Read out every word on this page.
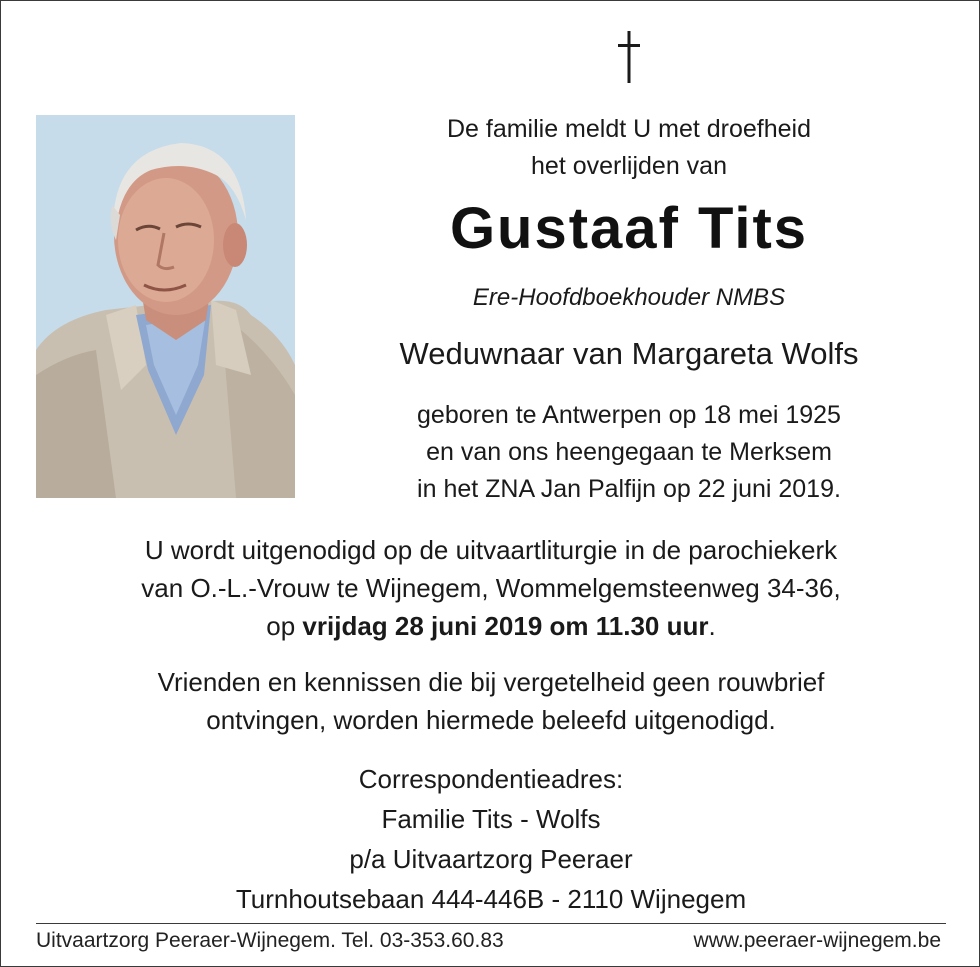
De familie meldt U met droefheid
het overlijden van
Gustaaf Tits
Ere-Hoofdboekhouder NMBS
Weduwnaar van Margareta Wolfs
geboren te Antwerpen op 18 mei 1925
en van ons heengegaan te Merksem
in het ZNA Jan Palfijn op 22 juni 2019.
U wordt uitgenodigd op de uitvaartliturgie in de parochiekerk
van O.-L.-Vrouw te Wijnegem, Wommelgemsteenweg 34-36,
op vrijdag 28 juni 2019 om 11.30 uur.
Vrienden en kennissen die bij vergetelheid geen rouwbrief
ontvingen, worden hiermede beleefd uitgenodigd.
Correspondentieadres:
Familie Tits - Wolfs
p/a Uitvaartzorg Peeraer
Turnhoutsebaan 444-446B - 2110 Wijnegem
Uitvaartzorg Peeraer-Wijnegem. Tel. 03-353.60.83	www.peeraer-wijnegem.be
